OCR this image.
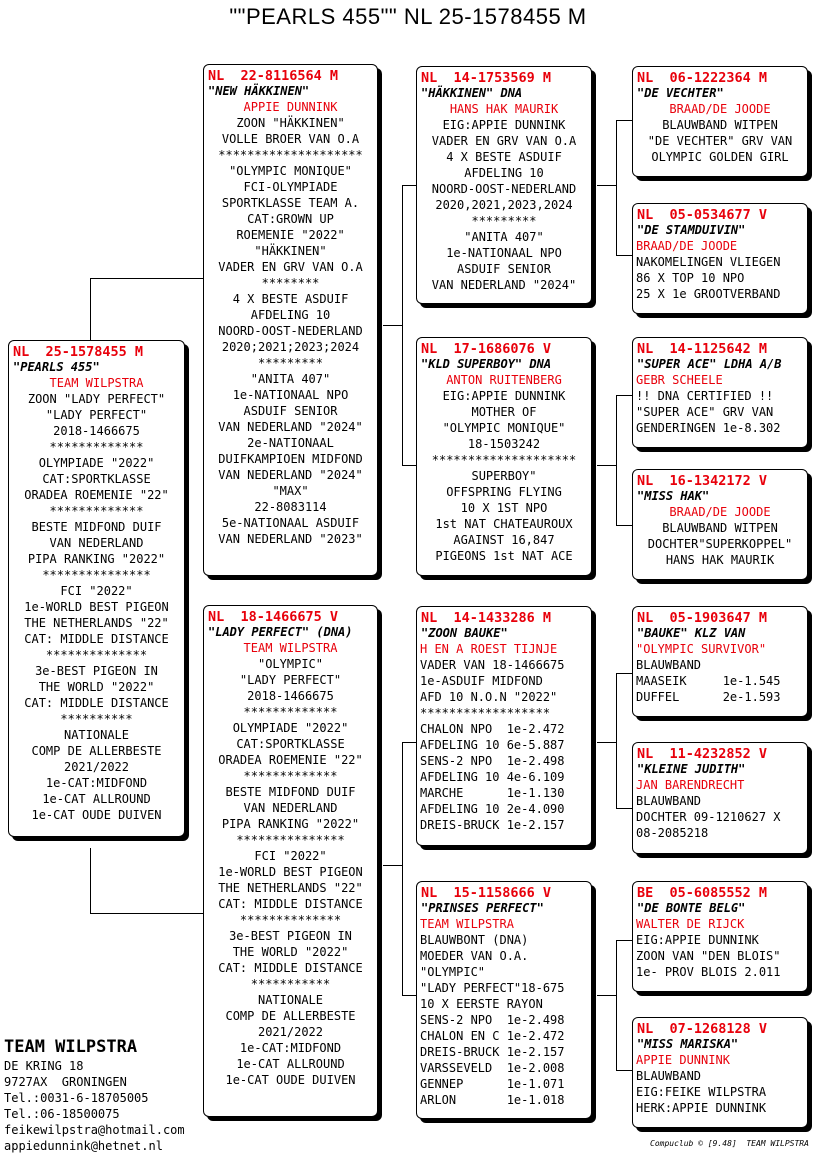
""PEARLS 455"" NL 25-1578455 M
NL  25-1578455 M
"PEARLS 455"
TEAM WILPSTRA
ZOON "LADY PERFECT"
"LADY PERFECT"
2018-1466675
*************
OLYMPIADE "2022"
CAT:SPORTKLASSE
ORADEA ROEMENIE "22"
*************
BESTE MIDFOND DUIF
VAN NEDERLAND
PIPA RANKING "2022"
***************
FCI "2022"
1e-WORLD BEST PIGEON
THE NETHERLANDS "22"
CAT: MIDDLE DISTANCE
**************
3e-BEST PIGEON IN
THE WORLD "2022"
CAT: MIDDLE DISTANCE
**********
NATIONALE
COMP DE ALLERBESTE
2021/2022
1e-CAT:MIDFOND
1e-CAT ALLROUND
1e-CAT OUDE DUIVEN
NL  22-8116564 M
"NEW HÄKKINEN"
APPIE DUNNINK
ZOON "HÄKKINEN"
VOLLE BROER VAN O.A
********************
"OLYMPIC MONIQUE"
FCI-OLYMPIADE
SPORTKLASSE TEAM A.
CAT:GROWN UP
ROEMENIE "2022"
"HÄKKINEN"
VADER EN GRV VAN O.A
********
4 X BESTE ASDUIF
AFDELING 10
NOORD-OOST-NEDERLAND
2020;2021;2023;2024
*********
"ANITA 407"
1e-NATIONAAL NPO
ASDUIF SENIOR
VAN NEDERLAND "2024"
2e-NATIONAAL
DUIFKAMPIOEN MIDFOND
VAN NEDERLAND "2024"
"MAX"
22-8083114
5e-NATIONAAL ASDUIF
VAN NEDERLAND "2023"
NL  18-1466675 V
"LADY PERFECT" (DNA)
TEAM WILPSTRA
"OLYMPIC"
"LADY PERFECT"
2018-1466675
*************
OLYMPIADE "2022"
CAT:SPORTKLASSE
ORADEA ROEMENIE "22"
*************
BESTE MIDFOND DUIF
VAN NEDERLAND
PIPA RANKING "2022"
***************
FCI "2022"
1e-WORLD BEST PIGEON
THE NETHERLANDS "22"
CAT: MIDDLE DISTANCE
**************
3e-BEST PIGEON IN
THE WORLD "2022"
CAT: MIDDLE DISTANCE
***********
NATIONALE
COMP DE ALLERBESTE
2021/2022
1e-CAT:MIDFOND
1e-CAT ALLROUND
1e-CAT OUDE DUIVEN
NL  14-1753569 M
"HÄKKINEN" DNA
HANS HAK MAURIK
EIG:APPIE DUNNINK
VADER EN GRV VAN O.A
4 X BESTE ASDUIF
AFDELING 10
NOORD-OOST-NEDERLAND
2020,2021,2023,2024
*********
"ANITA 407"
1e-NATIONAAL NPO
ASDUIF SENIOR
VAN NEDERLAND "2024"
NL  17-1686076 V
"KLD SUPERBOY" DNA
ANTON RUITENBERG
EIG:APPIE DUNNINK
MOTHER OF
"OLYMPIC MONIQUE"
18-1503242
********************
SUPERBOY"
OFFSPRING FLYING
10 X 1ST NPO
1st NAT CHATEAUROUX
AGAINST 16,847
PIGEONS 1st NAT ACE
NL  14-1433286 M
"ZOON BAUKE"
H EN A ROEST TIJNJE
VADER VAN 18-1466675
1e-ASDUIF MIDFOND
AFD 10 N.O.N "2022"
******************
CHALON NPO  1e-2.472
AFDELING 10 6e-5.887
SENS-2 NPO  1e-2.498
AFDELING 10 4e-6.109
MARCHE      1e-1.130
AFDELING 10 2e-4.090
DREIS-BRUCK 1e-2.157
NL  15-1158666 V
"PRINSES PERFECT"
TEAM WILPSTRA
BLAUWBONT (DNA)
MOEDER VAN O.A.
"OLYMPIC"
"LADY PERFECT"18-675
10 X EERSTE RAYON
SENS-2 NPO  1e-2.498
CHALON EN C 1e-2.472
DREIS-BRUCK 1e-2.157
VARSSEVELD  1e-2.008
GENNEP      1e-1.071
ARLON       1e-1.018
NL  06-1222364 M
"DE VECHTER"
BRAAD/DE JOODE
BLAUWBAND WITPEN
"DE VECHTER" GRV VAN
OLYMPIC GOLDEN GIRL
NL  05-0534677 V
"DE STAMDUIVIN"
BRAAD/DE JOODE
NAKOMELINGEN VLIEGEN
86 X TOP 10 NPO
25 X 1e GROOTVERBAND
NL  14-1125642 M
"SUPER ACE" LDHA A/B
GEBR SCHEELE
!! DNA CERTIFIED !!
"SUPER ACE" GRV VAN
GENDERINGEN 1e-8.302
NL  16-1342172 V
"MISS HAK"
BRAAD/DE JOODE
BLAUWBAND WITPEN
DOCHTER"SUPERKOPPEL"
HANS HAK MAURIK
NL  05-1903647 M
"BAUKE" KLZ VAN
"OLYMPIC SURVIVOR"
BLAUWBAND
MAASEIK     1e-1.545
DUFFEL      2e-1.593
NL  11-4232852 V
"KLEINE JUDITH"
JAN BARENDRECHT
BLAUWBAND
DOCHTER 09-1210627 X
08-2085218
BE  05-6085552 M
"DE BONTE BELG"
WALTER DE RIJCK
EIG:APPIE DUNNINK
ZOON VAN "DEN BLOIS"
1e- PROV BLOIS 2.011
NL  07-1268128 V
"MISS MARISKA"
APPIE DUNNINK
BLAUWBAND
EIG:FEIKE WILPSTRA
HERK:APPIE DUNNINK
TEAM WILPSTRA
DE KRING 18
9727AX  GRONINGEN
Tel.:0031-6-18705005
Tel.:06-18500075
feikewilpstra@hotmail.com
appiedunnink@hetnet.nl	Compuclub © [9.48]  TEAM WILPSTRA
